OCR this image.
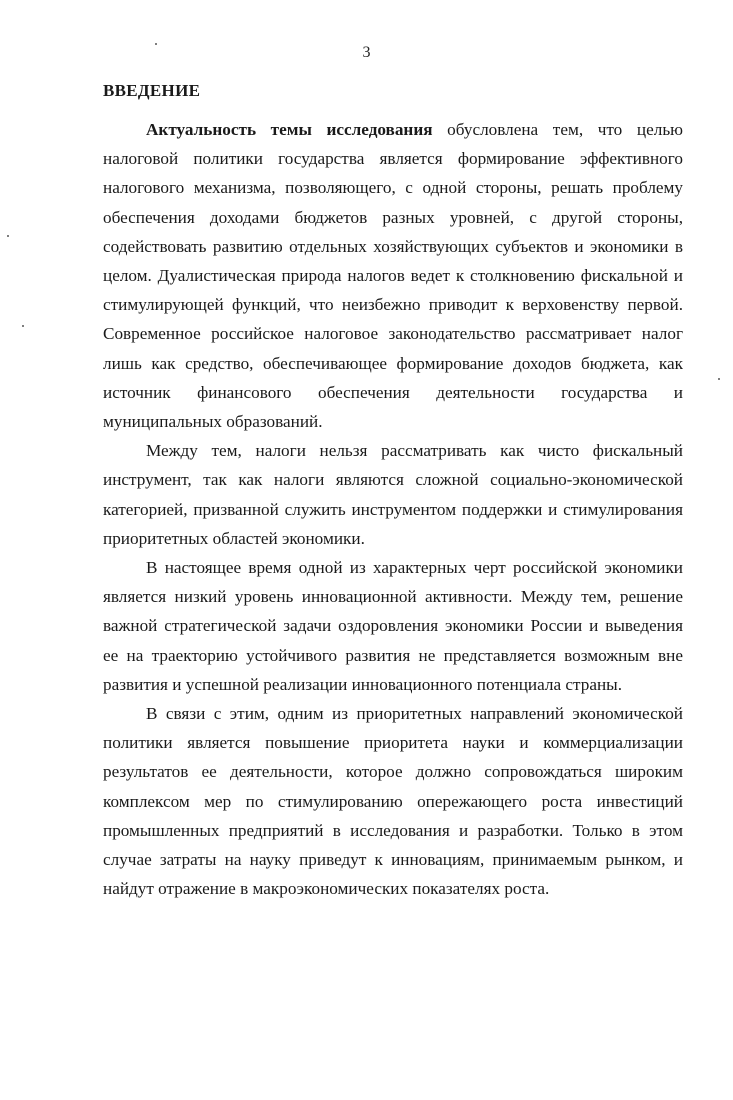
3
ВВЕДЕНИЕ

Актуальность темы исследования обусловлена тем, что целью налоговой политики государства является формирование эффективного налогового механизма, позволяющего, с одной стороны, решать проблему обеспечения доходами бюджетов разных уровней, с другой стороны, содействовать развитию отдельных хозяйствующих субъектов и экономики в целом. Дуалистическая природа налогов ведет к столкновению фискальной и стимулирующей функций, что неизбежно приводит к верховенству первой. Современное российское налоговое законодательство рассматривает налог лишь как средство, обеспечивающее формирование доходов бюджета, как источник финансового обеспечения деятельности государства и муниципальных образований.

Между тем, налоги нельзя рассматривать как чисто фискальный инструмент, так как налоги являются сложной социально-экономической категорией, призванной служить инструментом поддержки и стимулирования приоритетных областей экономики.

В настоящее время одной из характерных черт российской экономики является низкий уровень инновационной активности. Между тем, решение важной стратегической задачи оздоровления экономики России и выведения ее на траекторию устойчивого развития не представляется возможным вне развития и успешной реализации инновационного потенциала страны.

В связи с этим, одним из приоритетных направлений экономической политики является повышение приоритета науки и коммерциализации результатов ее деятельности, которое должно сопровождаться широким комплексом мер по стимулированию опережающего роста инвестиций промышленных предприятий в исследования и разработки. Только в этом случае затраты на науку приведут к инновациям, принимаемым рынком, и найдут отражение в макроэкономических показателях роста.
